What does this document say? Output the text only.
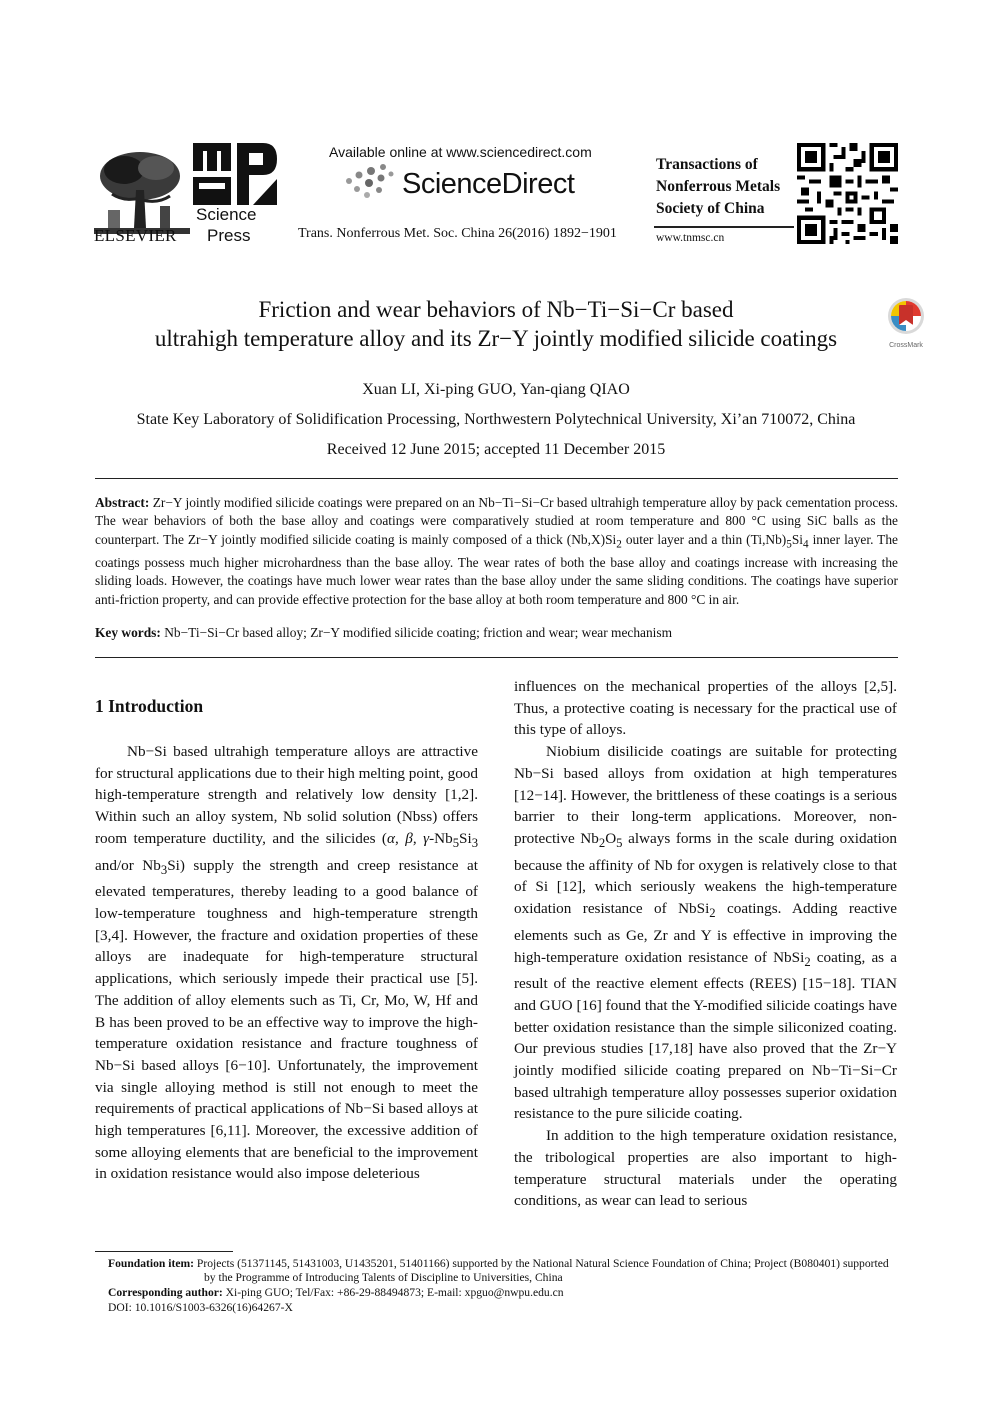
ELSEVIER
Science
Press
Available online at www.sciencedirect.com
ScienceDirect
Trans. Nonferrous Met. Soc. China 26(2016) 1892−1901
Transactions of
Nonferrous Metals
Society of China
www.tnmsc.cn
Friction and wear behaviors of Nb−Ti−Si−Cr based
ultrahigh temperature alloy and its Zr−Y jointly modified silicide coatings	CrossMark
Xuan LI, Xi-ping GUO, Yan-qiang QIAO
State Key Laboratory of Solidification Processing, Northwestern Polytechnical University, Xi’an 710072, China
Received 12 June 2015; accepted 11 December 2015
Abstract: Zr−Y jointly modified silicide coatings were prepared on an Nb−Ti−Si−Cr based ultrahigh temperature alloy by pack cementation process. The wear behaviors of both the base alloy and coatings were comparatively studied at room temperature and 800 °C using SiC balls as the counterpart. The Zr−Y jointly modified silicide coating is mainly composed of a thick $(Nb,X)Si_2$ outer layer and a thin $(Ti,Nb)_5Si_4$ inner layer. The coatings possess much higher microhardness than the base alloy. The wear rates of both the base alloy and coatings increase with increasing the sliding loads. However, the coatings have much lower wear rates than the base alloy under the same sliding conditions. The coatings have superior anti-friction property, and can provide effective protection for the base alloy at both room temperature and 800 °C in air.
Key words: Nb−Ti−Si−Cr based alloy; Zr−Y modified silicide coating; friction and wear; wear mechanism
1 Introduction

Nb−Si based ultrahigh temperature alloys are attractive for structural applications due to their high melting point, good high-temperature strength and relatively low density [1,2]. Within such an alloy system, Nb solid solution (Nbss) offers room temperature ductility, and the silicides (α, β, $\gamma-Nb_5Si_3$ and/or $Nb_3Si$) supply the strength and creep resistance at elevated temperatures, thereby leading to a good balance of low-temperature toughness and high-temperature strength [3,4]. However, the fracture and oxidation properties of these alloys are inadequate for high-temperature structural applications, which seriously impede their practical use [5]. The addition of alloy elements such as Ti, Cr, Mo, W, Hf and B has been proved to be an effective way to improve the high-temperature oxidation resistance and fracture toughness of Nb−Si based alloys [6−10]. Unfortunately, the improvement via single alloying method is still not enough to meet the requirements of practical applications of Nb−Si based alloys at high temperatures [6,11]. Moreover, the excessive addition of some alloying elements that are beneficial to the improvement in oxidation resistance would also impose deleterious

influences on the mechanical properties of the alloys [2,5]. Thus, a protective coating is necessary for the practical use of this type of alloys.

Niobium disilicide coatings are suitable for protecting Nb−Si based alloys from oxidation at high temperatures [12−14]. However, the brittleness of these coatings is a serious barrier to their long-term applications. Moreover, non-protective $Nb_2O_5$ always forms in the scale during oxidation because the affinity of Nb for oxygen is relatively close to that of Si [12], which seriously weakens the high-temperature oxidation resistance of NbSi$_2$ coatings. Adding reactive elements such as Ge, Zr and Y is effective in improving the high-temperature oxidation resistance of NbSi$_2$ coating, as a result of the reactive element effects (REES) [15−18]. TIAN and GUO [16] found that the Y-modified silicide coatings have better oxidation resistance than the simple siliconized coating. Our previous studies [17,18] have also proved that the Zr−Y jointly modified silicide coating prepared on Nb−Ti−Si−Cr based ultrahigh temperature alloy possesses superior oxidation resistance to the pure silicide coating.

In addition to the high temperature oxidation resistance, the tribological properties are also important to high-temperature structural materials under the operating conditions, as wear can lead to serious

Foundation item: Projects (51371145, 51431003, U1435201, 51401166) supported by the National Natural Science Foundation of China; Project (B080401) supported by the Programme of Introducing Talents of Discipline to Universities, China
Corresponding author: Xi-ping GUO; Tel/Fax: +86-29-88494873; E-mail: xpguo@nwpu.edu.cn
DOI: 10.1016/S1003-6326(16)64267-X
